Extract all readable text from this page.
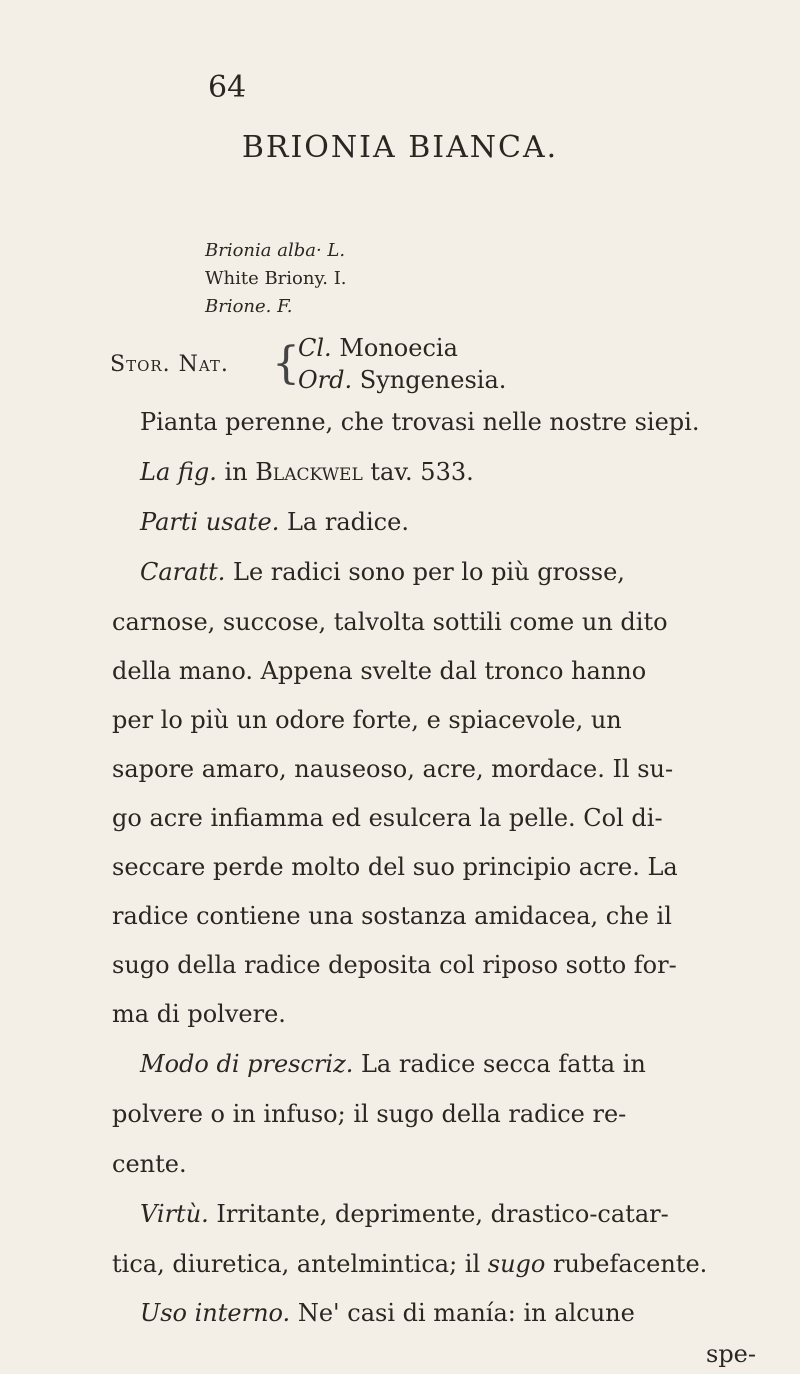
64
BRIONIA BIANCA.
Brionia alba· L.
White Briony. I.
Brione. F.
Stor. Nat. {
Cl. Monoecia
Ord. Syngenesia.
Pianta perenne, che trovasi nelle nostre siepi.
La fig. in Blackwel tav. 533.
Parti usate. La radice.
Caratt. Le radici sono per lo più grosse,
carnose, succose, talvolta sottili come un dito
della mano. Appena svelte dal tronco hanno
per lo più un odore forte, e spiacevole, un
sapore amaro, nauseoso, acre, mordace. Il su-
go acre infiamma ed esulcera la pelle. Col di-
seccare perde molto del suo principio acre. La
radice contiene una sostanza amidacea, che il
sugo della radice deposita col riposo sotto for-
ma di polvere.
Modo di prescriz. La radice secca fatta in
polvere o in infuso; il sugo della radice re-
cente.
Virtù. Irritante, deprimente, drastico-catar-
tica, diuretica, antelmintica; il sugo rubefacente.
Uso interno. Ne' casi di manía: in alcune
spe-
